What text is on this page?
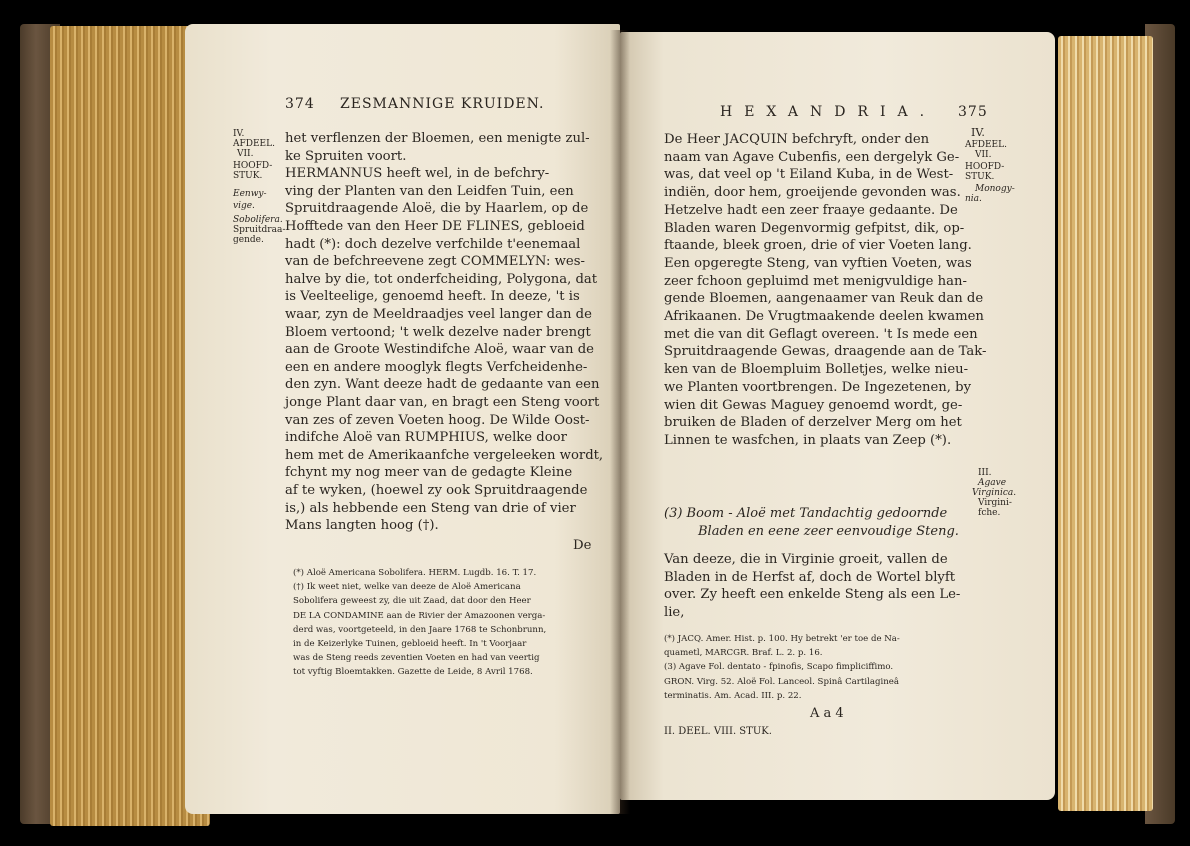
374 ZESMANNIGE KRUIDEN.
IV.
AFDEEL.
VII.
HOOFD-
STUK.
Eenwy-
vige.
Sobolifera.
Spruitdraa-
gende.
het verflenzen der Bloemen, een menigte zul-
ke Spruiten voort.
HERMANNUS heeft wel, in de befchry-
ving der Planten van den Leidfen Tuin, een
Spruitdraagende Aloë, die by Haarlem, op de
Hofftede van den Heer DE FLINES, gebloeid
hadt (*): doch dezelve verfchilde t'eenemaal
van de befchreevene zegt COMMELYN: wes-
halve by die, tot onderfcheiding, Polygona, dat
is Veelteelige, genoemd heeft. In deeze, 't is
waar, zyn de Meeldraadjes veel langer dan de
Bloem vertoond; 't welk dezelve nader brengt
aan de Groote Westindifche Aloë, waar van de
een en andere mooglyk flegts Verfcheidenhe-
den zyn. Want deeze hadt de gedaante van een
jonge Plant daar van, en bragt een Steng voort
van zes of zeven Voeten hoog. De Wilde Oost-
indifche Aloë van RUMPHIUS, welke door
hem met de Amerikaanfche vergeleeken wordt,
fchynt my nog meer van de gedagte Kleine
af te wyken, (hoewel zy ook Spruitdraagende
is,) als hebbende een Steng van drie of vier
Mans langten hoog (†).
De
(*) Aloë Americana Sobolifera. HERM. Lugdb. 16. T. 17.
(†) Ik weet niet, welke van deeze de Aloë Americana
Sobolifera geweest zy, die uit Zaad, dat door den Heer
DE LA CONDAMINE aan de Rivier der Amazoonen verga-
derd was, voortgeteeld, in den Jaare 1768 te Schonbrunn,
in de Keizerlyke Tuinen, gebloeid heeft. In 't Voorjaar
was de Steng reeds zeventien Voeten en had van veertig
tot vyftig Bloemtakken. Gazette de Leide, 8 Avril 1768.
HEXANDRIA. 375
De Heer JACQUIN befchryft, onder den
naam van Agave Cubenfis, een dergelyk Ge-
was, dat veel op 't Eiland Kuba, in de West-
indiën, door hem, groeijende gevonden was.
Hetzelve hadt een zeer fraaye gedaante. De
Bladen waren Degenvormig gefpitst, dik, op-
ftaande, bleek groen, drie of vier Voeten lang.
Een opgeregte Steng, van vyftien Voeten, was
zeer fchoon gepluimd met menigvuldige han-
gende Bloemen, aangenaamer van Reuk dan de
Afrikaanen. De Vrugtmaakende deelen kwamen
met die van dit Geflagt overeen. 't Is mede een
Spruitdraagende Gewas, draagende aan de Tak-
ken van de Bloempluim Bolletjes, welke nieu-
we Planten voortbrengen. De Ingezetenen, by
wien dit Gewas Maguey genoemd wordt, ge-
bruiken de Bladen of derzelver Merg om het
Linnen te wasfchen, in plaats van Zeep (*).
IV.
AFDEEL.
VII.
HOOFD-
STUK.
Monogy-
nia.
(3) Boom - Aloë met Tandachtig gedoornde
Bladen en eene zeer eenvoudige Steng.
III.
Agave
Virginica.
Virgini-
fche.
Van deeze, die in Virginie groeit, vallen de
Bladen in de Herfst af, doch de Wortel blyft
over. Zy heeft een enkelde Steng als een Le-
lie,
(*) JACQ. Amer. Hist. p. 100. Hy betrekt 'er toe de Na-
quametl, MARCGR. Braf. L. 2. p. 16.
(3) Agave Fol. dentato - fpinofis, Scapo fimpliciffimo.
GRON. Virg. 52. Aloë Fol. Lanceol. Spinâ Cartilagineâ
terminatis. Am. Acad. III. p. 22.
A a 4
II. DEEL. VIII. STUK.
